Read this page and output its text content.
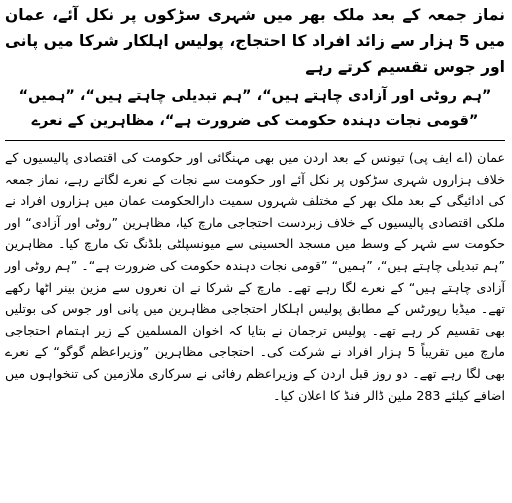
نماز جمعہ کے بعد ملک بھر میں شہری سڑکوں پر نکل آئے، عمان میں 5 ہزار سے زائد افراد کا احتجاج، پولیس اہلکار شرکا میں پانی اور جوس تقسیم کرتے رہے

”ہم روٹی اور آزادی چاہتے ہیں“، ”ہم تبدیلی چاہتے ہیں“، ”ہمیں“ ”قومی نجات دہندہ حکومت کی ضرورت ہے“، مظاہرین کے نعرے

عمان (اے ایف پی) تیونس کے بعد اردن میں بھی مہنگائی اور حکومت کی اقتصادی پالیسیوں کے خلاف ہزاروں شہری سڑکوں پر نکل آئے اور حکومت سے نجات کے نعرے لگاتے رہے، نماز جمعہ کی ادائیگی کے بعد ملک بھر کے مختلف شہروں سمیت دارالحکومت عمان میں ہزاروں افراد نے ملکی اقتصادی پالیسیوں کے خلاف زبردست احتجاجی مارچ کیا، مظاہرین ”روٹی اور آزادی“ اور حکومت سے شہر کے وسط میں مسجد الحسینی سے میونسپلٹی بلڈنگ تک مارچ کیا۔ مظاہرین ”ہم تبدیلی چاہتے ہیں“، ”ہمیں“ ”قومی نجات دہندہ حکومت کی ضرورت ہے“۔ ”ہم روٹی اور آزادی چاہتے ہیں“ کے نعرے لگا رہے تھے۔ مارچ کے شرکا نے ان نعروں سے مزین بینر اٹھا رکھے تھے۔ میڈیا رپورٹس کے مطابق پولیس اہلکار احتجاجی مظاہرین میں پانی اور جوس کی بوتلیں بھی تقسیم کر رہے تھے۔ پولیس ترجمان نے بتایا کہ اخوان المسلمین کے زیر اہتمام احتجاجی مارچ میں تقریباً 5 ہزار افراد نے شرکت کی۔ احتجاجی مظاہرین ”وزیراعظم گوگو“ کے نعرے بھی لگا رہے تھے۔ دو روز قبل اردن کے وزیراعظم رفائی نے سرکاری ملازمین کی تنخواہوں میں اضافے کیلئے 283 ملین ڈالر فنڈ کا اعلان کیا۔
